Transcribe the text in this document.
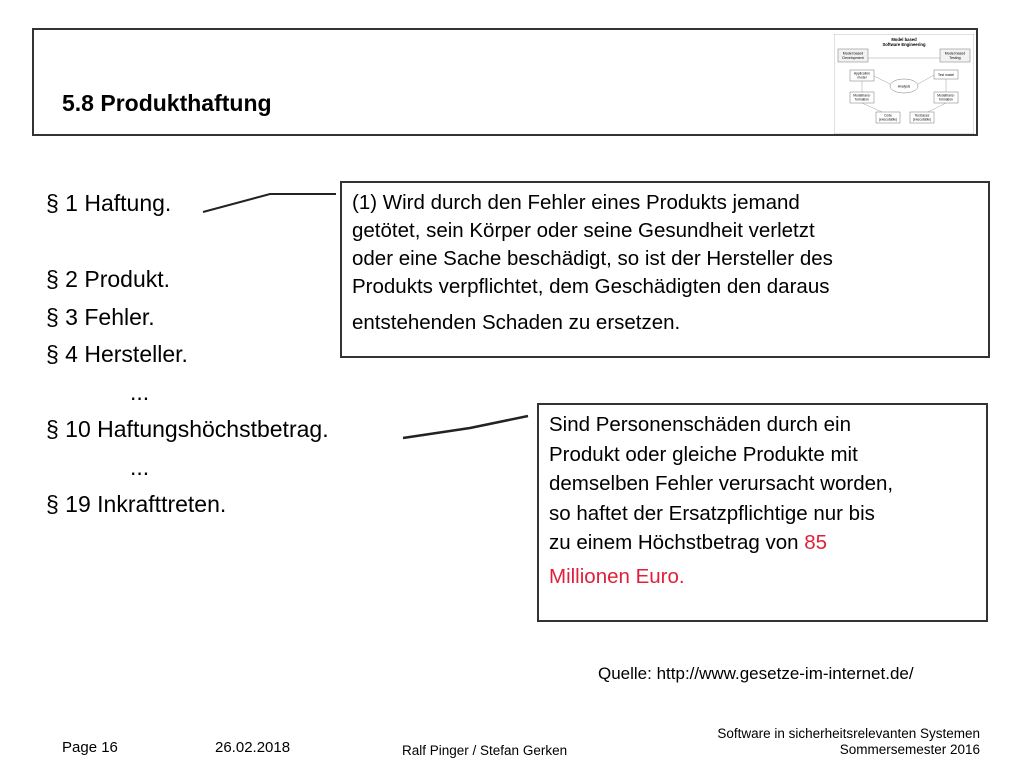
5.8 Produkthaftung
Model based
Software Engineering
Model based
Development
Model based
Testing
Application
model
Test model
Analysis
Modeltrans-
formation
Modeltrans-
formation
Code
(executable)
Testcases
(executable)
§ 1 Haftung.
§ 2 Produkt.
§ 3 Fehler.
§ 4 Hersteller.
...
§ 10 Haftungshöchstbetrag.
...
§ 19 Inkrafttreten.
(1) Wird durch den Fehler eines Produkts jemand
getötet, sein Körper oder seine Gesundheit verletzt
oder eine Sache beschädigt, so ist der Hersteller des
Produkts verpflichtet, dem Geschädigten den daraus
entstehenden Schaden zu ersetzen.
Sind Personenschäden durch ein
Produkt oder gleiche Produkte mit
demselben Fehler verursacht worden,
so haftet der Ersatzpflichtige nur bis
zu einem Höchstbetrag von 85
Millionen Euro.
Quelle: http://www.gesetze-im-internet.de/
Page 16	26.02.2018	Ralf Pinger / Stefan Gerken
Software in sicherheitsrelevanten Systemen
Sommersemester 2016
